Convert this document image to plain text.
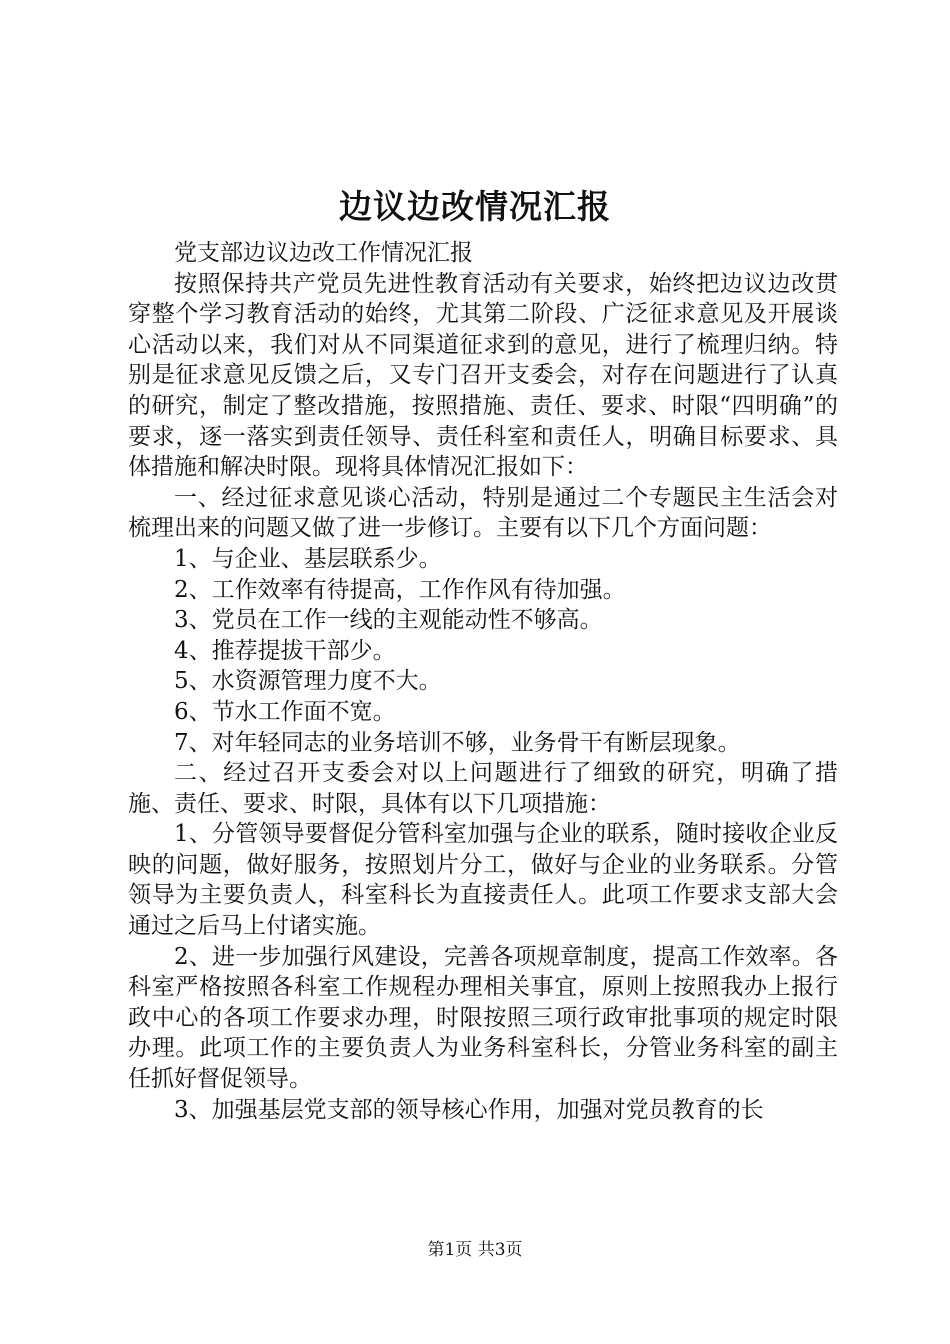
边议边改情况汇报

党支部边议边改工作情况汇报

按照保持共产党员先进性教育活动有关要求，始终把边议边改贯穿整个学习教育活动的始终，尤其第二阶段、广泛征求意见及开展谈心活动以来，我们对从不同渠道征求到的意见，进行了梳理归纳。特别是征求意见反馈之后，又专门召开支委会，对存在问题进行了认真的研究，制定了整改措施，按照措施、责任、要求、时限“四明确”的要求，逐一落实到责任领导、责任科室和责任人，明确目标要求、具体措施和解决时限。现将具体情况汇报如下：

一、经过征求意见谈心活动，特别是通过二个专题民主生活会对梳理出来的问题又做了进一步修订。主要有以下几个方面问题：

1、与企业、基层联系少。

2、工作效率有待提高，工作作风有待加强。

3、党员在工作一线的主观能动性不够高。

4、推荐提拔干部少。

5、水资源管理力度不大。

6、节水工作面不宽。

7、对年轻同志的业务培训不够，业务骨干有断层现象。

二、经过召开支委会对以上问题进行了细致的研究，明确了措施、责任、要求、时限，具体有以下几项措施：

1、分管领导要督促分管科室加强与企业的联系，随时接收企业反映的问题，做好服务，按照划片分工，做好与企业的业务联系。分管领导为主要负责人，科室科长为直接责任人。此项工作要求支部大会通过之后马上付诸实施。

2、进一步加强行风建设，完善各项规章制度，提高工作效率。各科室严格按照各科室工作规程办理相关事宜，原则上按照我办上报行政中心的各项工作要求办理，时限按照三项行政审批事项的规定时限办理。此项工作的主要负责人为业务科室科长，分管业务科室的副主任抓好督促领导。

3、加强基层党支部的领导核心作用，加强对党员教育的长

第1页 共3页
